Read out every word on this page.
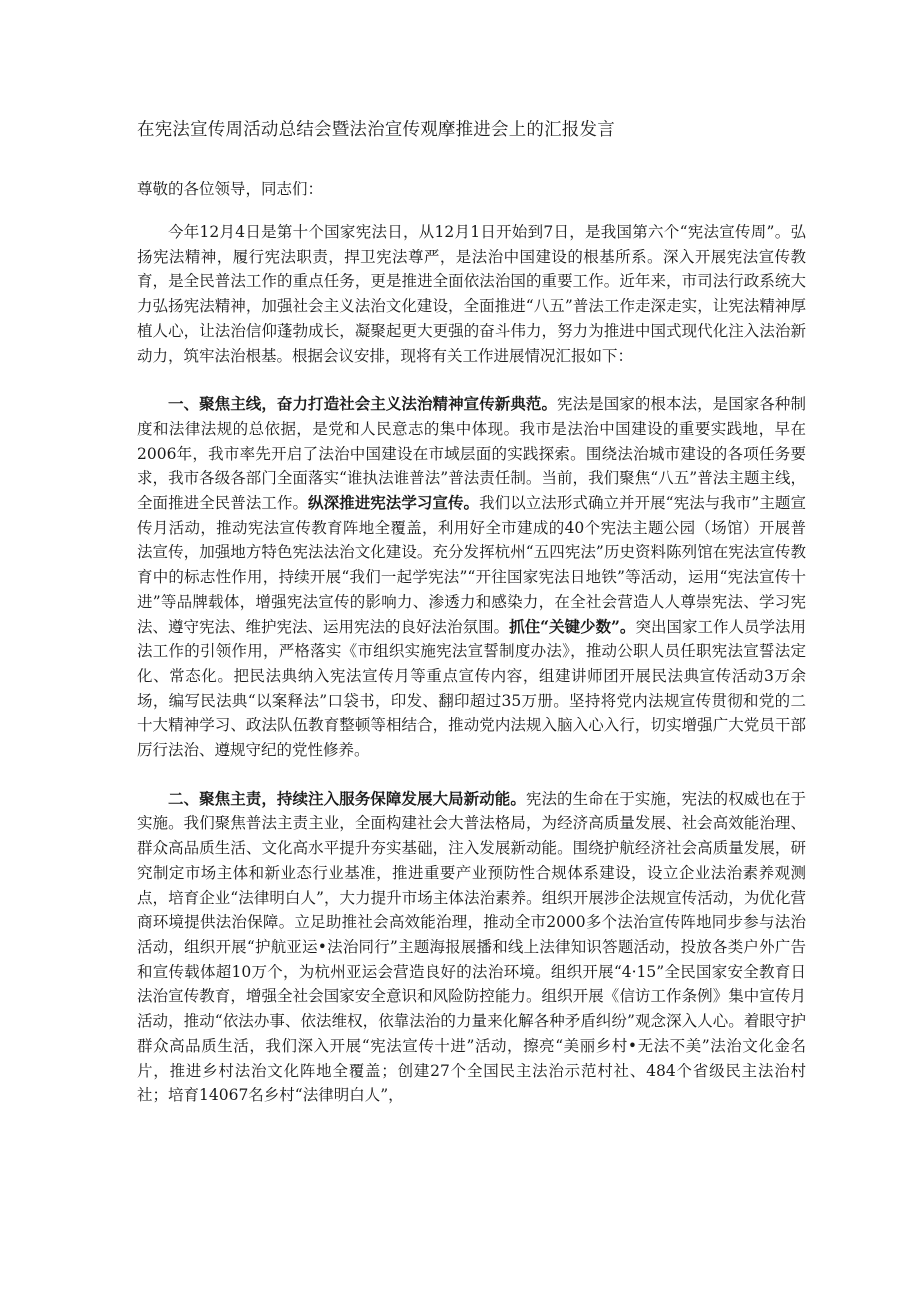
在宪法宣传周活动总结会暨法治宣传观摩推进会上的汇报发言

尊敬的各位领导，同志们：

今年12月4日是第十个国家宪法日，从12月1日开始到7日，是我国第六个“宪法宣传周”。弘扬宪法精神，履行宪法职责，捍卫宪法尊严，是法治中国建设的根基所系。深入开展宪法宣传教育，是全民普法工作的重点任务，更是推进全面依法治国的重要工作。近年来，市司法行政系统大力弘扬宪法精神，加强社会主义法治文化建设，全面推进“八五”普法工作走深走实，让宪法精神厚植人心，让法治信仰蓬勃成长，凝聚起更大更强的奋斗伟力，努力为推进中国式现代化注入法治新动力，筑牢法治根基。根据会议安排，现将有关工作进展情况汇报如下：

一、聚焦主线，奋力打造社会主义法治精神宣传新典范。宪法是国家的根本法，是国家各种制度和法律法规的总依据，是党和人民意志的集中体现。我市是法治中国建设的重要实践地，早在2006年，我市率先开启了法治中国建设在市域层面的实践探索。围绕法治城市建设的各项任务要求，我市各级各部门全面落实“谁执法谁普法”普法责任制。当前，我们聚焦“八五”普法主题主线，全面推进全民普法工作。纵深推进宪法学习宣传。我们以立法形式确立并开展“宪法与我市”主题宣传月活动，推动宪法宣传教育阵地全覆盖，利用好全市建成的40个宪法主题公园（场馆）开展普法宣传，加强地方特色宪法法治文化建设。充分发挥杭州“五四宪法”历史资料陈列馆在宪法宣传教育中的标志性作用，持续开展“我们一起学宪法”“开往国家宪法日地铁”等活动，运用“宪法宣传十进”等品牌载体，增强宪法宣传的影响力、渗透力和感染力，在全社会营造人人尊崇宪法、学习宪法、遵守宪法、维护宪法、运用宪法的良好法治氛围。抓住“关键少数”。突出国家工作人员学法用法工作的引领作用，严格落实《市组织实施宪法宣誓制度办法》，推动公职人员任职宪法宣誓法定化、常态化。把民法典纳入宪法宣传月等重点宣传内容，组建讲师团开展民法典宣传活动3万余场，编写民法典“以案释法”口袋书，印发、翻印超过35万册。坚持将党内法规宣传贯彻和党的二十大精神学习、政法队伍教育整顿等相结合，推动党内法规入脑入心入行，切实增强广大党员干部厉行法治、遵规守纪的党性修养。

二、聚焦主责，持续注入服务保障发展大局新动能。宪法的生命在于实施，宪法的权威也在于实施。我们聚焦普法主责主业，全面构建社会大普法格局，为经济高质量发展、社会高效能治理、群众高品质生活、文化高水平提升夯实基础，注入发展新动能。围绕护航经济社会高质量发展，研究制定市场主体和新业态行业基准，推进重要产业预防性合规体系建设，设立企业法治素养观测点，培育企业“法律明白人”，大力提升市场主体法治素养。组织开展涉企法规宣传活动，为优化营商环境提供法治保障。立足助推社会高效能治理，推动全市2000多个法治宣传阵地同步参与法治活动，组织开展“护航亚运•法治同行”主题海报展播和线上法律知识答题活动，投放各类户外广告和宣传载体超10万个，为杭州亚运会营造良好的法治环境。组织开展“4·15”全民国家安全教育日法治宣传教育，增强全社会国家安全意识和风险防控能力。组织开展《信访工作条例》集中宣传月活动，推动“依法办事、依法维权，依靠法治的力量来化解各种矛盾纠纷”观念深入人心。着眼守护群众高品质生活，我们深入开展“宪法宣传十进”活动，擦亮“美丽乡村•无法不美”法治文化金名片，推进乡村法治文化阵地全覆盖；创建27个全国民主法治示范村社、484个省级民主法治村社；培育14067名乡村“法律明白人”，
